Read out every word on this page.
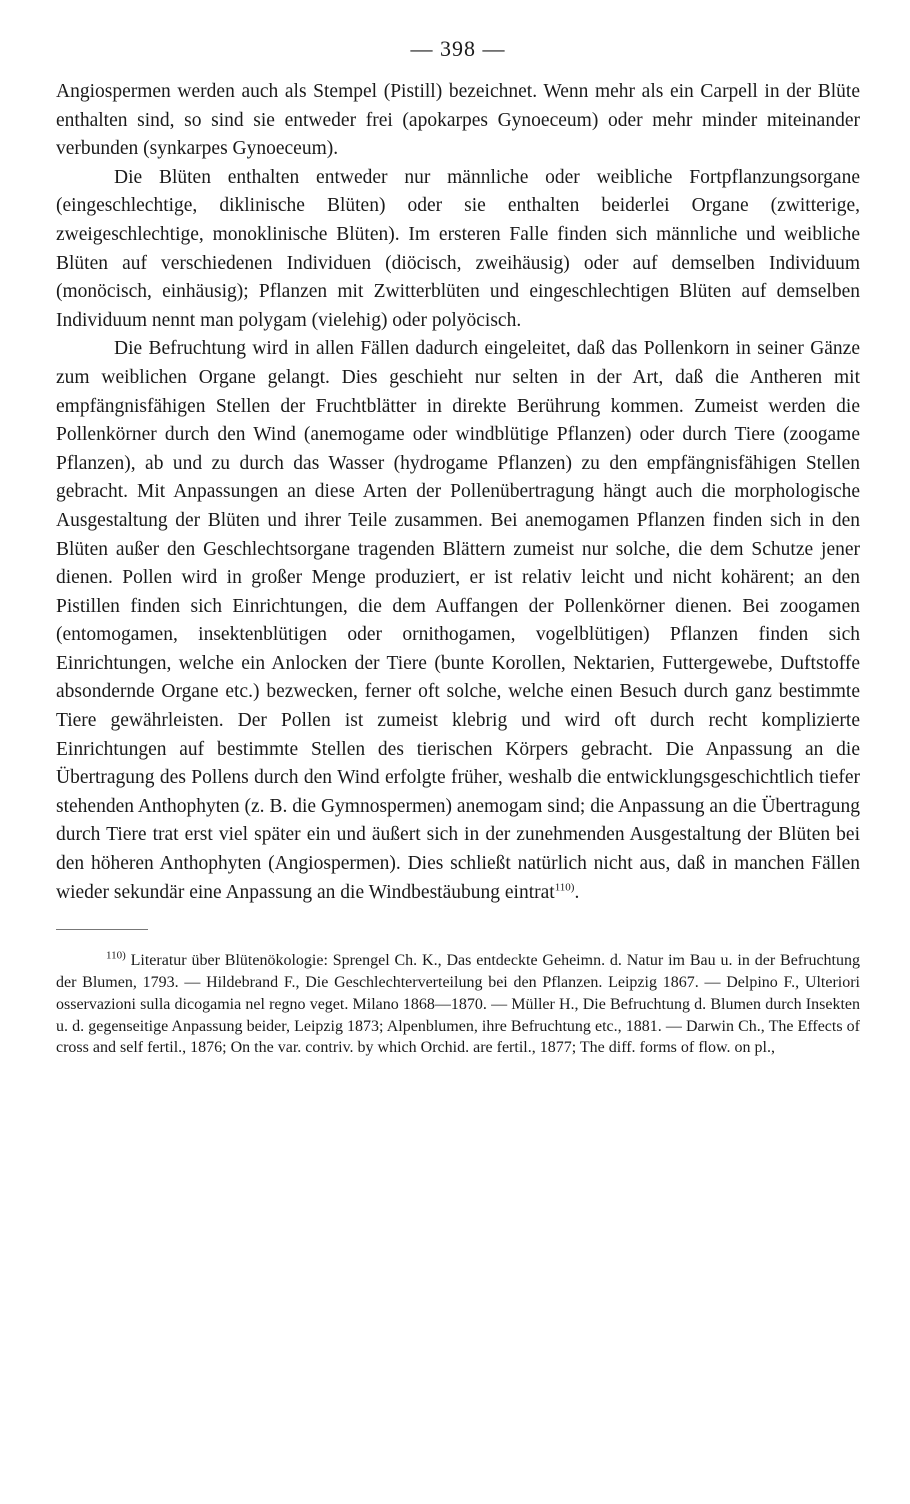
— 398 —

Angiospermen werden auch als Stempel (Pistill) bezeichnet. Wenn mehr als ein Carpell in der Blüte enthalten sind, so sind sie entweder frei (apokarpes Gynoeceum) oder mehr minder miteinander verbunden (synkarpes Gynoeceum).

Die Blüten enthalten entweder nur männliche oder weibliche Fortpflanzungsorgane (eingeschlechtige, diklinische Blüten) oder sie enthalten beiderlei Organe (zwitterige, zweigeschlechtige, monoklinische Blüten). Im ersteren Falle finden sich männliche und weibliche Blüten auf verschiedenen Individuen (diöcisch, zweihäusig) oder auf demselben Individuum (monöcisch, einhäusig); Pflanzen mit Zwitterblüten und eingeschlechtigen Blüten auf demselben Individuum nennt man polygam (vielehig) oder polyöcisch.

Die Befruchtung wird in allen Fällen dadurch eingeleitet, daß das Pollenkorn in seiner Gänze zum weiblichen Organe gelangt. Dies geschieht nur selten in der Art, daß die Antheren mit empfängnisfähigen Stellen der Fruchtblätter in direkte Berührung kommen. Zumeist werden die Pollenkörner durch den Wind (anemogame oder windblütige Pflanzen) oder durch Tiere (zoogame Pflanzen), ab und zu durch das Wasser (hydrogame Pflanzen) zu den empfängnisfähigen Stellen gebracht. Mit Anpassungen an diese Arten der Pollenübertragung hängt auch die morphologische Ausgestaltung der Blüten und ihrer Teile zusammen. Bei anemogamen Pflanzen finden sich in den Blüten außer den Geschlechtsorgane tragenden Blättern zumeist nur solche, die dem Schutze jener dienen. Pollen wird in großer Menge produziert, er ist relativ leicht und nicht kohärent; an den Pistillen finden sich Einrichtungen, die dem Auffangen der Pollenkörner dienen. Bei zoogamen (entomogamen, insektenblütigen oder ornithogamen, vogelblütigen) Pflanzen finden sich Einrichtungen, welche ein Anlocken der Tiere (bunte Korollen, Nektarien, Futtergewebe, Duftstoffe absondernde Organe etc.) bezwecken, ferner oft solche, welche einen Besuch durch ganz bestimmte Tiere gewährleisten. Der Pollen ist zumeist klebrig und wird oft durch recht komplizierte Einrichtungen auf bestimmte Stellen des tierischen Körpers gebracht. Die Anpassung an die Übertragung des Pollens durch den Wind erfolgte früher, weshalb die entwicklungsgeschichtlich tiefer stehenden Anthophyten (z. B. die Gymnospermen) anemogam sind; die Anpassung an die Übertragung durch Tiere trat erst viel später ein und äußert sich in der zunehmenden Ausgestaltung der Blüten bei den höheren Anthophyten (Angiospermen). Dies schließt natürlich nicht aus, daß in manchen Fällen wieder sekundär eine Anpassung an die Windbestäubung eintrat$^{110)}$.

$^{110)}$ Literatur über Blütenökologie: Sprengel Ch. K., Das entdeckte Geheimn. d. Natur im Bau u. in der Befruchtung der Blumen, 1793. — Hildebrand F., Die Geschlechterverteilung bei den Pflanzen. Leipzig 1867. — Delpino F., Ulteriori osservazioni sulla dicogamia nel regno veget. Milano 1868—1870. — Müller H., Die Befruchtung d. Blumen durch Insekten u. d. gegenseitige Anpassung beider, Leipzig 1873; Alpenblumen, ihre Befruchtung etc., 1881. — Darwin Ch., The Effects of cross and self fertil., 1876; On the var. contriv. by which Orchid. are fertil., 1877; The diff. forms of flow. on pl.,
